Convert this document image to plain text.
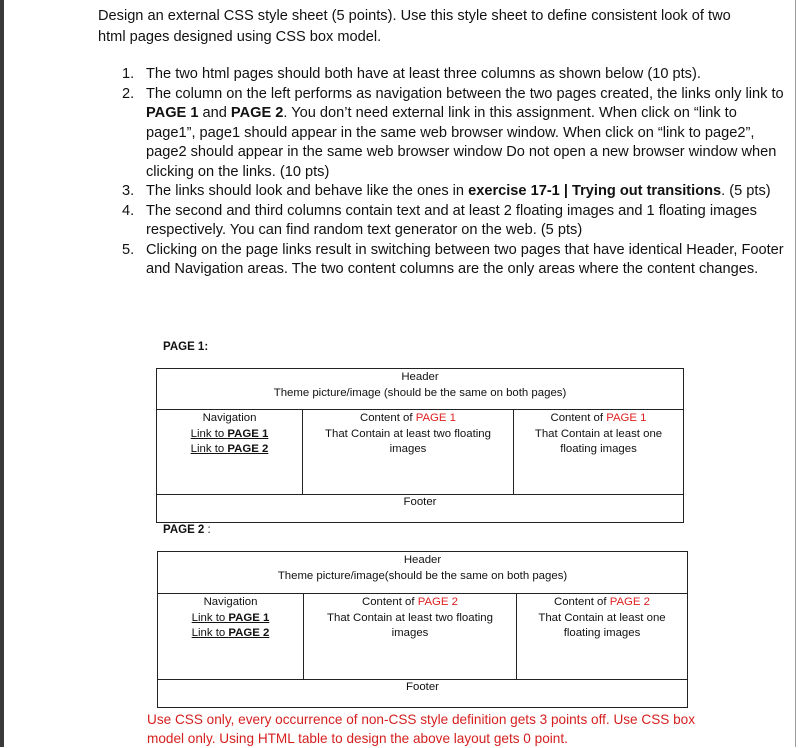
Design an external CSS style sheet (5 points). Use this style sheet to define consistent look of two html pages designed using CSS box model.
1. The two html pages should both have at least three columns as shown below (10 pts).
2. The column on the left performs as navigation between the two pages created, the links only link to PAGE 1 and PAGE 2. You don’t need external link in this assignment. When click on “link to page1”, page1 should appear in the same web browser window. When click on “link to page2”, page2 should appear in the same web browser window Do not open a new browser window when clicking on the links. (10 pts)
3. The links should look and behave like the ones in exercise 17-1 | Trying out transitions. (5 pts)
4. The second and third columns contain text and at least 2 floating images and 1 floating images respectively. You can find random text generator on the web. (5 pts)
5. Clicking on the page links result in switching between two pages that have identical Header, Footer and Navigation areas. The two content columns are the only areas where the content changes.
PAGE 1:
Header
Theme picture/image (should be the same on both pages)
Navigation
Link to PAGE 1
Link to PAGE 2
Content of PAGE 1
That Contain at least two floating images
Content of PAGE 1
That Contain at least one floating images
Footer
PAGE 2 :
Header
Theme picture/image(should be the same on both pages)
Navigation
Link to PAGE 1
Link to PAGE 2
Content of PAGE 2
That Contain at least two floating images
Content of PAGE 2
That Contain at least one floating images
Footer
Use CSS only, every occurrence of non-CSS style definition gets 3 points off. Use CSS box model only. Using HTML table to design the above layout gets 0 point.
